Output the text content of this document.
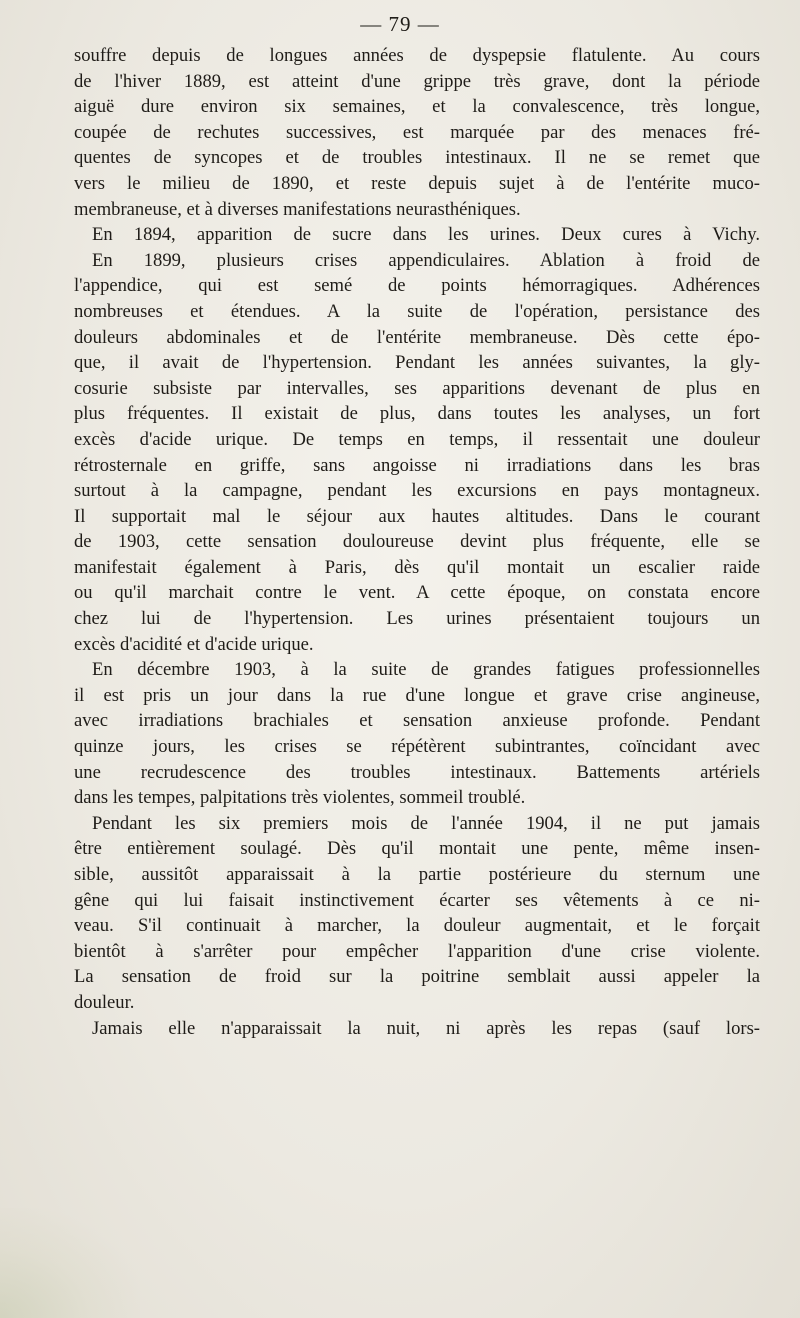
— 79 —
souffre depuis de longues années de dyspepsie flatulente. Au cours
de l'hiver 1889, est atteint d'une grippe très grave, dont la période
aiguë dure environ six semaines, et la convalescence, très longue,
coupée de rechutes successives, est marquée par des menaces fré-
quentes de syncopes et de troubles intestinaux. Il ne se remet que
vers le milieu de 1890, et reste depuis sujet à de l'entérite muco-
membraneuse, et à diverses manifestations neurasthéniques.
En 1894, apparition de sucre dans les urines. Deux cures à Vichy.
En 1899, plusieurs crises appendiculaires. Ablation à froid de
l'appendice, qui est semé de points hémorragiques. Adhérences
nombreuses et étendues. A la suite de l'opération, persistance des
douleurs abdominales et de l'entérite membraneuse. Dès cette épo-
que, il avait de l'hypertension. Pendant les années suivantes, la gly-
cosurie subsiste par intervalles, ses apparitions devenant de plus en
plus fréquentes. Il existait de plus, dans toutes les analyses, un fort
excès d'acide urique. De temps en temps, il ressentait une douleur
rétrosternale en griffe, sans angoisse ni irradiations dans les bras
surtout à la campagne, pendant les excursions en pays montagneux.
Il supportait mal le séjour aux hautes altitudes. Dans le courant
de 1903, cette sensation douloureuse devint plus fréquente, elle se
manifestait également à Paris, dès qu'il montait un escalier raide
ou qu'il marchait contre le vent. A cette époque, on constata encore
chez lui de l'hypertension. Les urines présentaient toujours un
excès d'acidité et d'acide urique.
En décembre 1903, à la suite de grandes fatigues professionnelles
il est pris un jour dans la rue d'une longue et grave crise angineuse,
avec irradiations brachiales et sensation anxieuse profonde. Pendant
quinze jours, les crises se répétèrent subintrantes, coïncidant avec
une recrudescence des troubles intestinaux. Battements artériels
dans les tempes, palpitations très violentes, sommeil troublé.
Pendant les six premiers mois de l'année 1904, il ne put jamais
être entièrement soulagé. Dès qu'il montait une pente, même insen-
sible, aussitôt apparaissait à la partie postérieure du sternum une
gêne qui lui faisait instinctivement écarter ses vêtements à ce ni-
veau. S'il continuait à marcher, la douleur augmentait, et le forçait
bientôt à s'arrêter pour empêcher l'apparition d'une crise violente.
La sensation de froid sur la poitrine semblait aussi appeler la
douleur.
Jamais elle n'apparaissait la nuit, ni après les repas (sauf lors-
